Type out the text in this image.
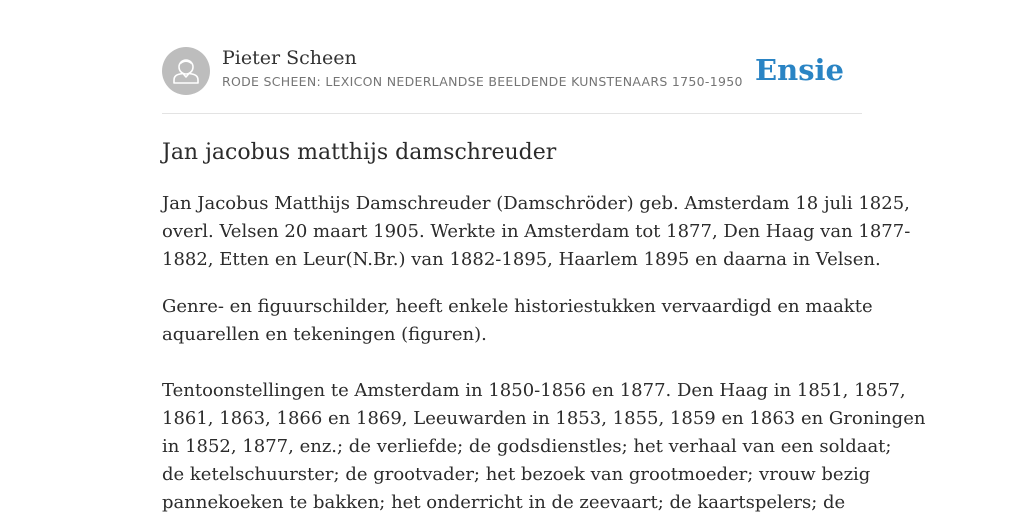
Pieter Scheen
RODE SCHEEN: LEXICON NEDERLANDSE BEELDENDE KUNSTENAARS 1750-1950 Ensie
Jan jacobus matthijs damschreuder

Jan Jacobus Matthijs Damschreuder (Damschröder) geb. Amsterdam 18 juli 1825,
overl. Velsen 20 maart 1905. Werkte in Amsterdam tot 1877, Den Haag van 1877-
1882, Etten en Leur(N.Br.) van 1882-1895, Haarlem 1895 en daarna in Velsen.

Genre- en figuurschilder, heeft enkele historiestukken vervaardigd en maakte
aquarellen en tekeningen (figuren).

Tentoonstellingen te Amsterdam in 1850-1856 en 1877. Den Haag in 1851, 1857,
1861, 1863, 1866 en 1869, Leeuwarden in 1853, 1855, 1859 en 1863 en Groningen
in 1852, 1877, enz.; de verliefde; de godsdienstles; het verhaal van een soldaat;
de ketelschuurster; de grootvader; het bezoek van grootmoeder; vrouw bezig
pannekoeken te bakken; het onderricht in de zeevaart; de kaartspelers; de
